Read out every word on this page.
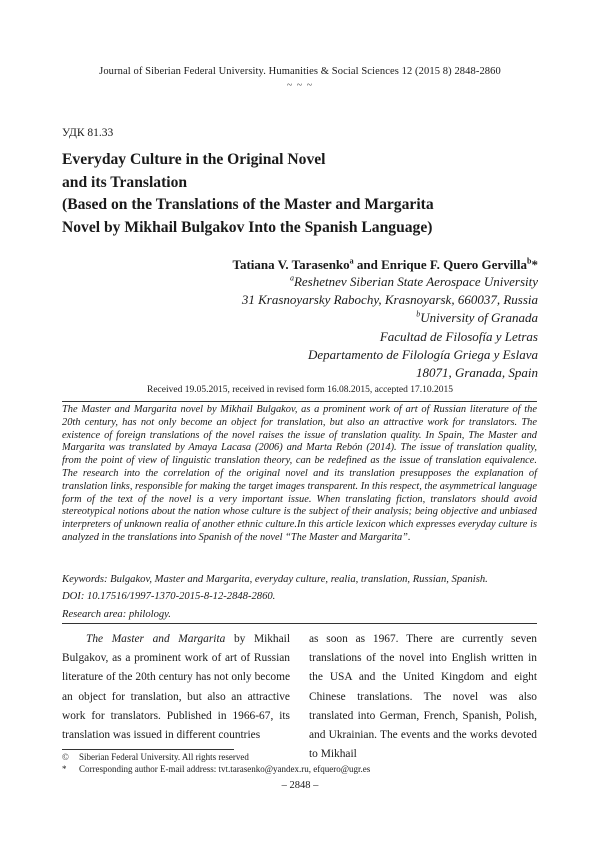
Journal of Siberian Federal University. Humanities & Social Sciences 12 (2015 8) 2848-2860
~ ~ ~
УДК 81.33
Everyday Culture in the Original Novel
and its Translation
(Based on the Translations of the Master and Margarita
Novel by Mikhail Bulgakov Into the Spanish Language)
Tatiana V. Tarasenko$^a$ and Enrique F. Quero Gervilla$^b$*
$^a$Reshetnev Siberian State Aerospace University
31 Krasnoyarsky Rabochy, Krasnoyarsk, 660037, Russia
$^b$University of Granada
Facultad de Filosofía y Letras
Departamento de Filología Griega y Eslava
18071, Granada, Spain
Received 19.05.2015, received in revised form 16.08.2015, accepted 17.10.2015

The Master and Margarita novel by Mikhail Bulgakov, as a prominent work of art of Russian literature of the 20th century, has not only become an object for translation, but also an attractive work for translators. The existence of foreign translations of the novel raises the issue of translation quality. In Spain, The Master and Margarita was translated by Amaya Lacasa (2006) and Marta Rebón (2014). The issue of translation quality, from the point of view of linguistic translation theory, can be redefined as the issue of translation equivalence. The research into the correlation of the original novel and its translation presupposes the explanation of translation links, responsible for making the target images transparent. In this respect, the asymmetrical language form of the text of the novel is a very important issue. When translating fiction, translators should avoid stereotypical notions about the nation whose culture is the subject of their analysis; being objective and unbiased interpreters of unknown realia of another ethnic culture.In this article lexicon which expresses everyday culture is analyzed in the translations into Spanish of the novel “The Master and Margarita”.

Keywords: Bulgakov, Master and Margarita, everyday culture, realia, translation, Russian, Spanish.
DOI: 10.17516/1997-1370-2015-8-12-2848-2860.
Research area: philology.

The Master and Margarita by Mikhail Bulgakov, as a prominent work of art of Russian literature of the 20th century has not only become an object for translation, but also an attractive work for translators. Published in 1966-67, its translation was issued in different countries

as soon as 1967. There are currently seven translations of the novel into English written in the USA and the United Kingdom and eight Chinese translations. The novel was also translated into German, French, Spanish, Polish, and Ukrainian. The events and the works devoted to Mikhail

© Siberian Federal University. All rights reserved
* Corresponding author E-mail address: tvt.tarasenko@yandex.ru, efquero@ugr.es
– 2848 –
